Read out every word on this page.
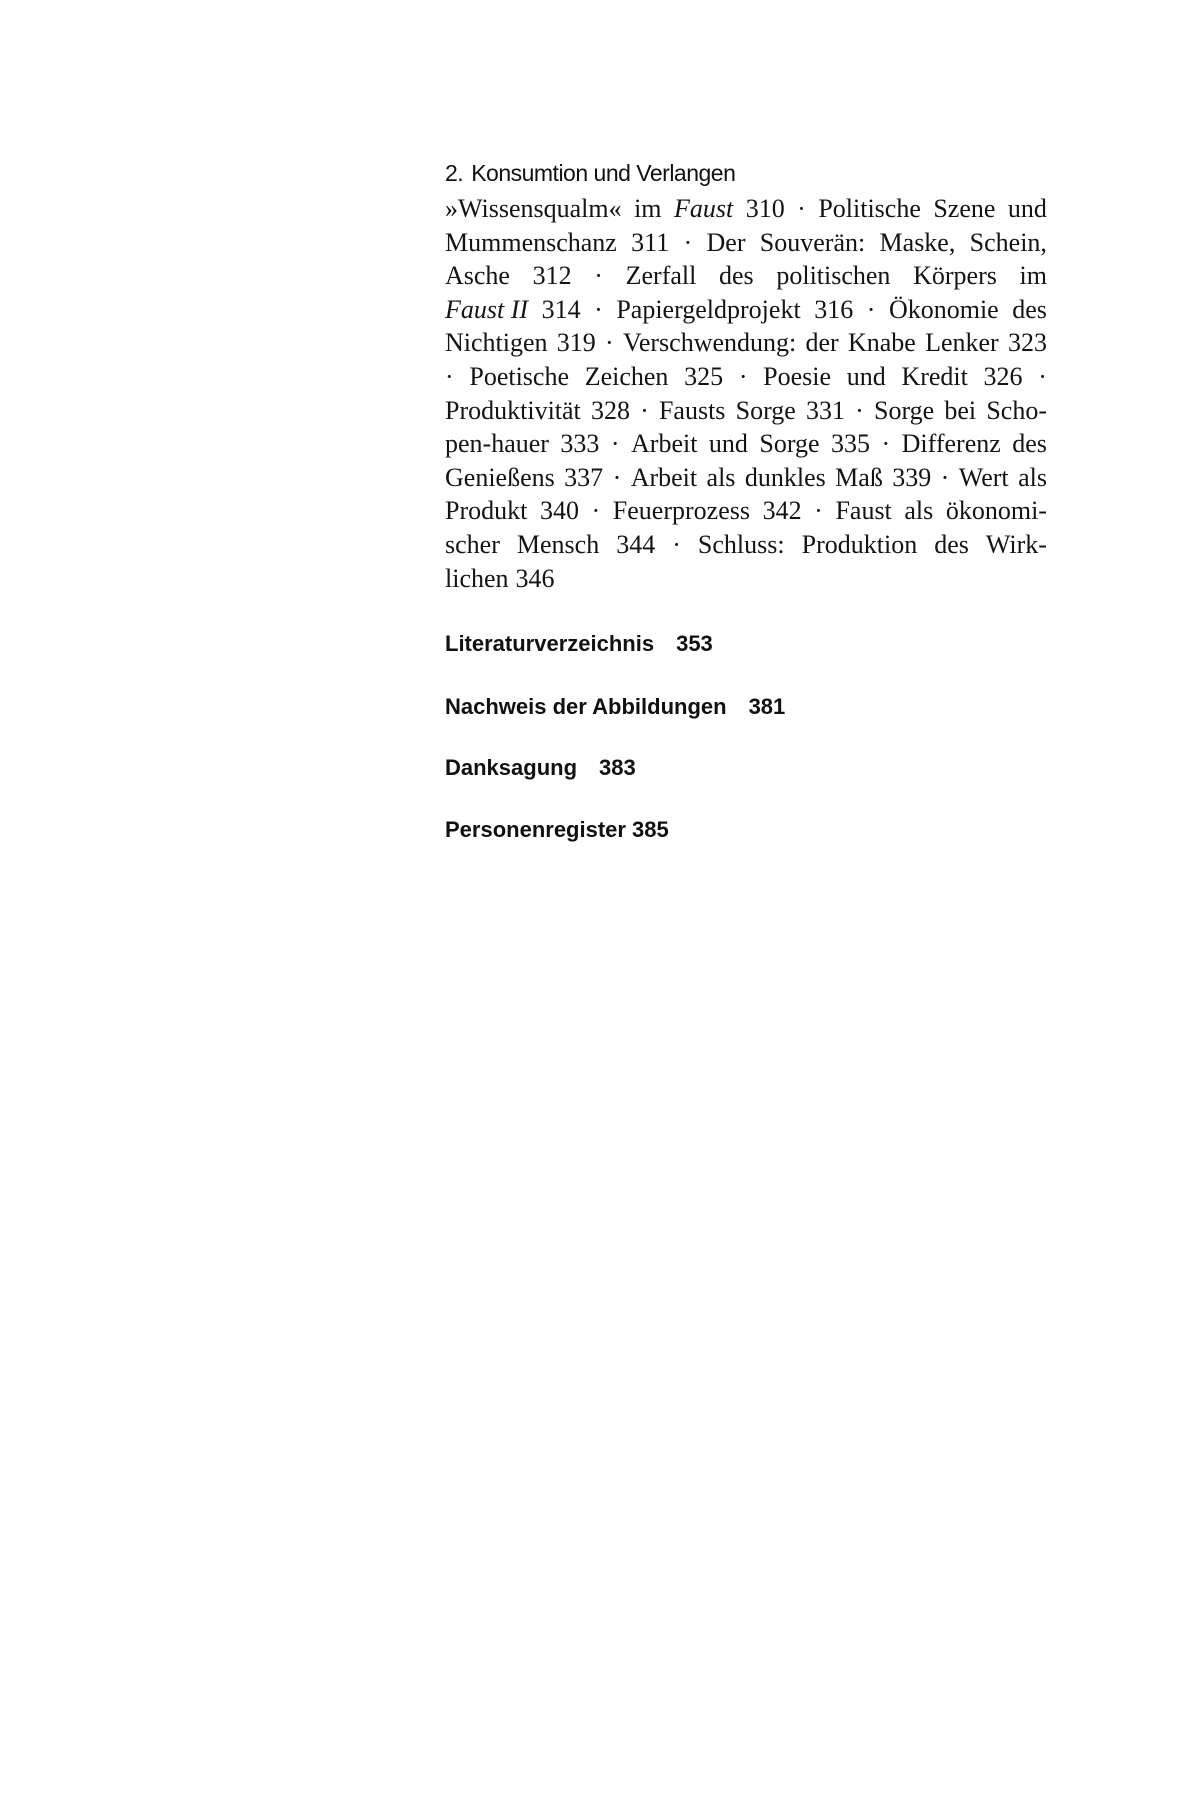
2. Konsumtion und Verlangen
»Wissensqualm« im Faust 310 · Politische Szene und
Mummenschanz 311 · Der Souverän: Maske, Schein,
Asche 312 · Zerfall des politischen Körpers im
Faust II 314 · Papiergeldprojekt 316 · Ökonomie des
Nichtigen 319 · Verschwendung: der Knabe Lenker 323
· Poetische Zeichen 325 · Poesie und Kredit 326 ·
Produktivität 328 · Fausts Sorge 331 · Sorge bei Scho-
pen-hauer 333 · Arbeit und Sorge 335 · Differenz des
Genießens 337 · Arbeit als dunkles Maß 339 · Wert als
Produkt 340 · Feuerprozess 342 · Faust als ökonomi-
scher Mensch 344 · Schluss: Produktion des Wirk-
lichen 346
Literaturverzeichnis 353
Nachweis der Abbildungen 381
Danksagung 383
Personenregister 385
